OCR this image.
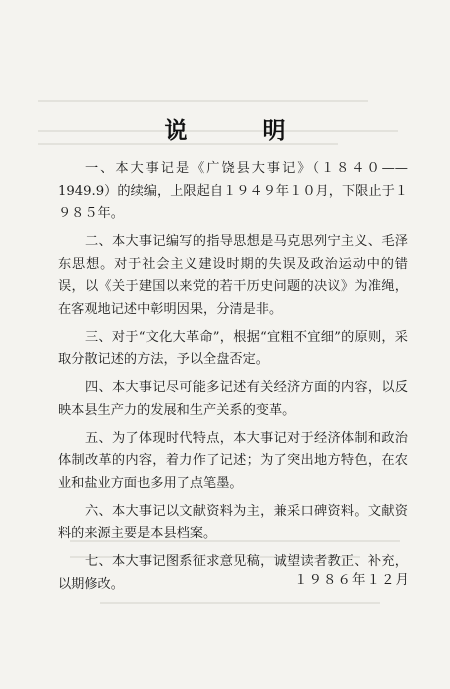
说　明

一、本大事记是《广饶县大事记》（１８４０——1949.9）的续编，上限起自１９４９年１０月，下限止于１９８５年。

二、本大事记编写的指导思想是马克思列宁主义、毛泽东思想。对于社会主义建设时期的失误及政治运动中的错误，以《关于建国以来党的若干历史问题的决议》为准绳，在客观地记述中彰明因果，分清是非。

三、对于“文化大革命”，根据“宜粗不宜细”的原则，采取分散记述的方法，予以全盘否定。

四、本大事记尽可能多记述有关经济方面的内容，以反映本县生产力的发展和生产关系的变革。

五、为了体现时代特点，本大事记对于经济体制和政治体制改革的内容，着力作了记述；为了突出地方特色，在农业和盐业方面也多用了点笔墨。

六、本大事记以文献资料为主，兼采口碑资料。文献资料的来源主要是本县档案。

七、本大事记图系征求意见稿，诚望读者教正、补充，以期修改。	１９８６年１２月
